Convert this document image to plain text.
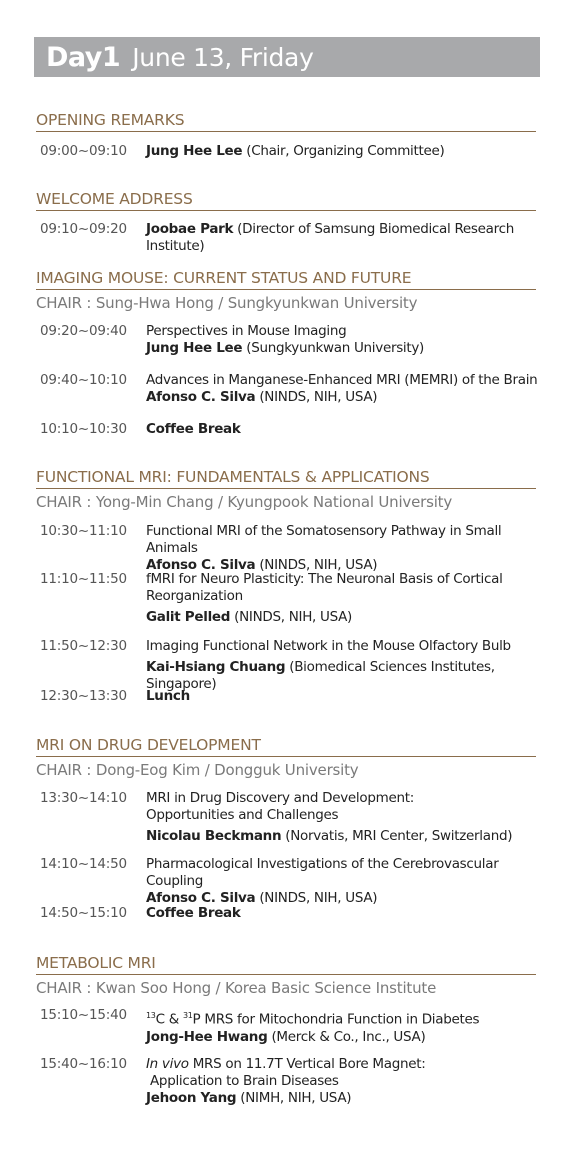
Day1 June 13, Friday
OPENING REMARKS
09:00~09:10 Jung Hee Lee (Chair, Organizing Committee)
WELCOME ADDRESS
09:10~09:20 Joobae Park (Director of Samsung Biomedical Research Institute)
IMAGING MOUSE: CURRENT STATUS AND FUTURE
CHAIR : Sung-Hwa Hong / Sungkyunkwan University
09:20~09:40 Perspectives in Mouse Imaging
Jung Hee Lee (Sungkyunkwan University)
09:40~10:10 Advances in Manganese-Enhanced MRI (MEMRI) of the Brain
Afonso C. Silva (NINDS, NIH, USA)
10:10~10:30 Coffee Break
FUNCTIONAL MRI: FUNDAMENTALS & APPLICATIONS
CHAIR : Yong-Min Chang / Kyungpook National University
10:30~11:10 Functional MRI of the Somatosensory Pathway in Small Animals
Afonso C. Silva (NINDS, NIH, USA)
11:10~11:50 fMRI for Neuro Plasticity: The Neuronal Basis of Cortical
Reorganization
Galit Pelled (NINDS, NIH, USA)
11:50~12:30 Imaging Functional Network in the Mouse Olfactory Bulb
Kai-Hsiang Chuang (Biomedical Sciences Institutes, Singapore)
12:30~13:30 Lunch
MRI ON DRUG DEVELOPMENT
CHAIR : Dong-Eog Kim / Dongguk University
13:30~14:10 MRI in Drug Discovery and Development:
Opportunities and Challenges
Nicolau Beckmann (Norvatis, MRI Center, Switzerland)
14:10~14:50 Pharmacological Investigations of the Cerebrovascular Coupling
Afonso C. Silva (NINDS, NIH, USA)
14:50~15:10 Coffee Break
METABOLIC MRI
CHAIR : Kwan Soo Hong / Korea Basic Science Institute
15:10~15:40 $^{13}$C & $^{31}$P MRS for Mitochondria Function in Diabetes
Jong-Hee Hwang (Merck & Co., Inc., USA)
15:40~16:10 In vivo MRS on 11.7T Vertical Bore Magnet:
Application to Brain Diseases
Jehoon Yang (NIMH, NIH, USA)
